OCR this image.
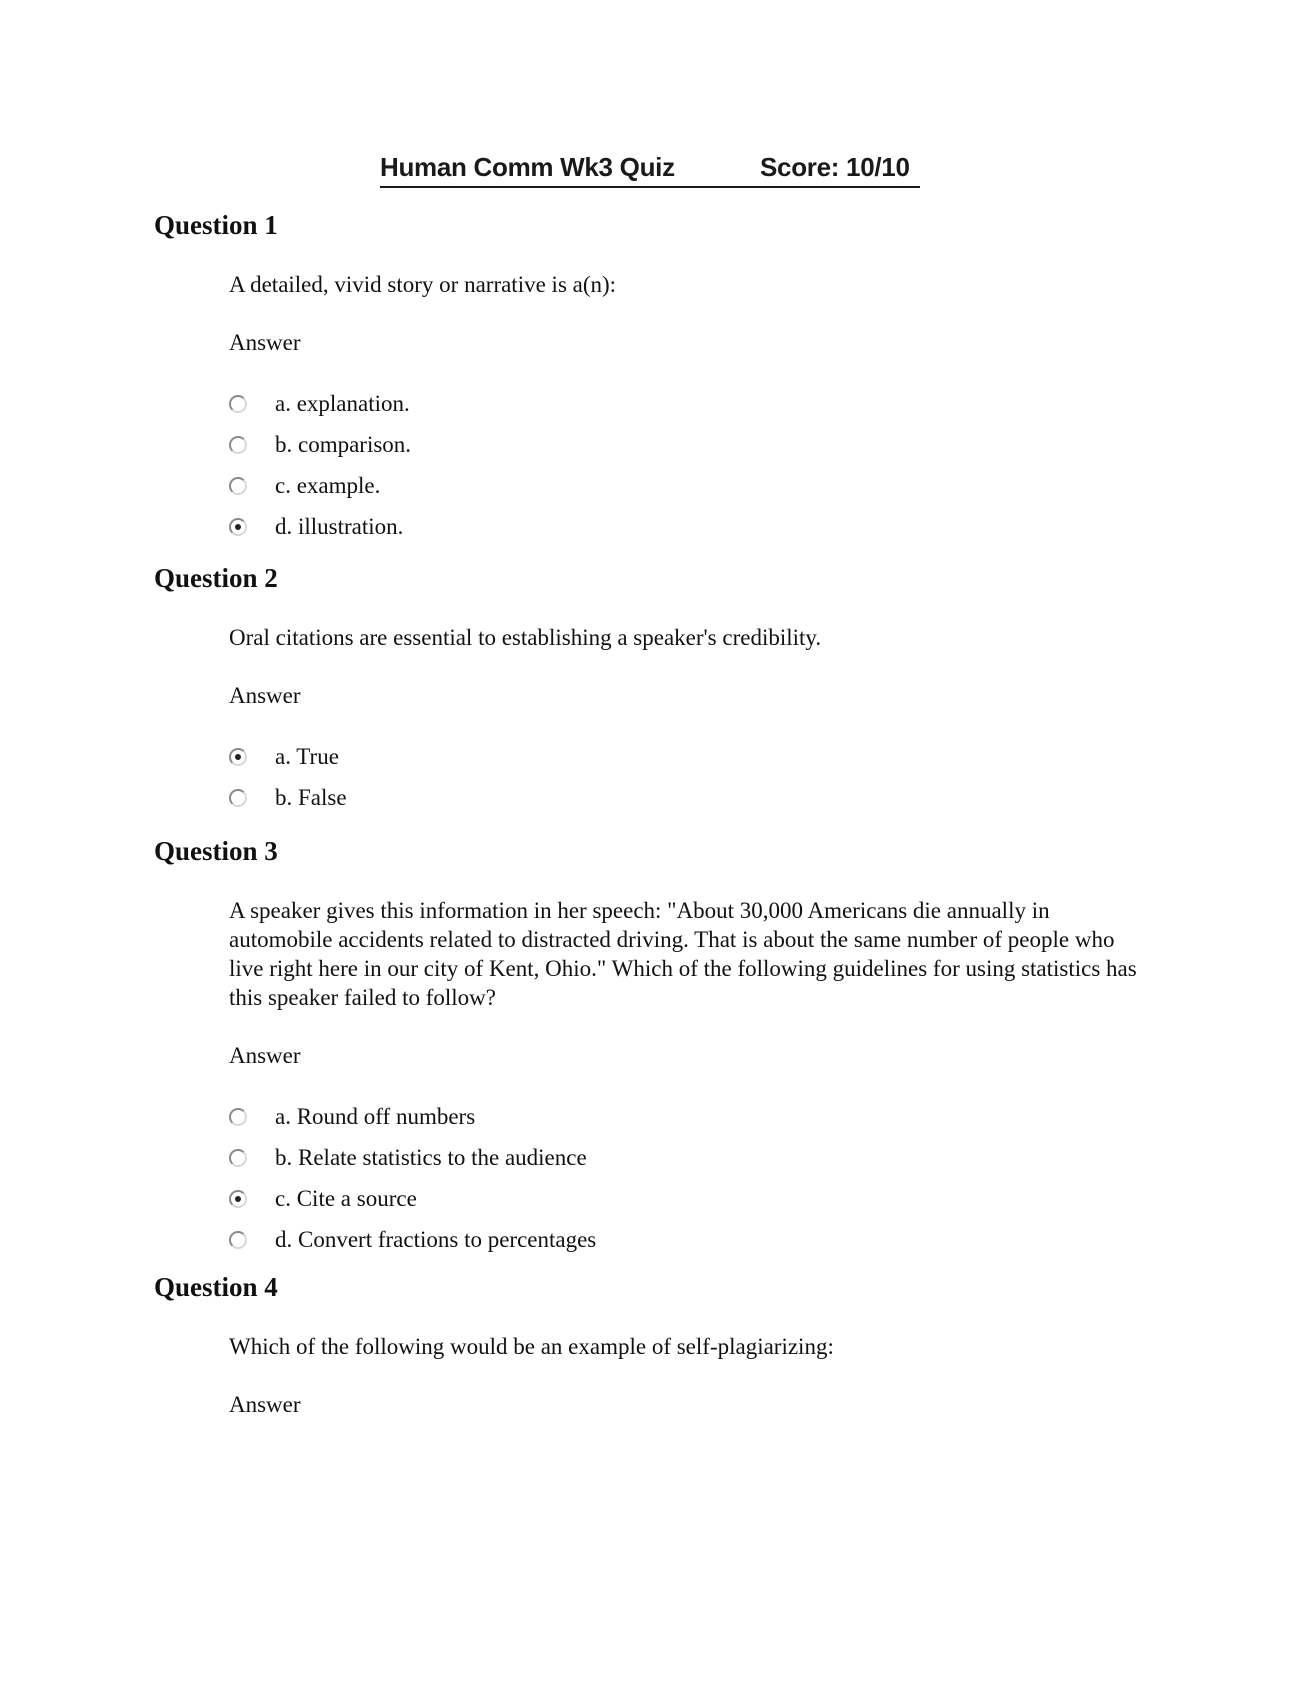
Human Comm Wk3 Quiz	Score: 10/10
Question 1
A detailed, vivid story or narrative is a(n):
Answer
a. explanation.
b. comparison.
c. example.
d. illustration.
Question 2
Oral citations are essential to establishing a speaker's credibility.
Answer
a. True
b. False
Question 3
A speaker gives this information in her speech: "About 30,000 Americans die annually in automobile accidents related to distracted driving. That is about the same number of people who live right here in our city of Kent, Ohio." Which of the following guidelines for using statistics has this speaker failed to follow?
Answer
a. Round off numbers
b. Relate statistics to the audience
c. Cite a source
d. Convert fractions to percentages
Question 4
Which of the following would be an example of self-plagiarizing:
Answer
